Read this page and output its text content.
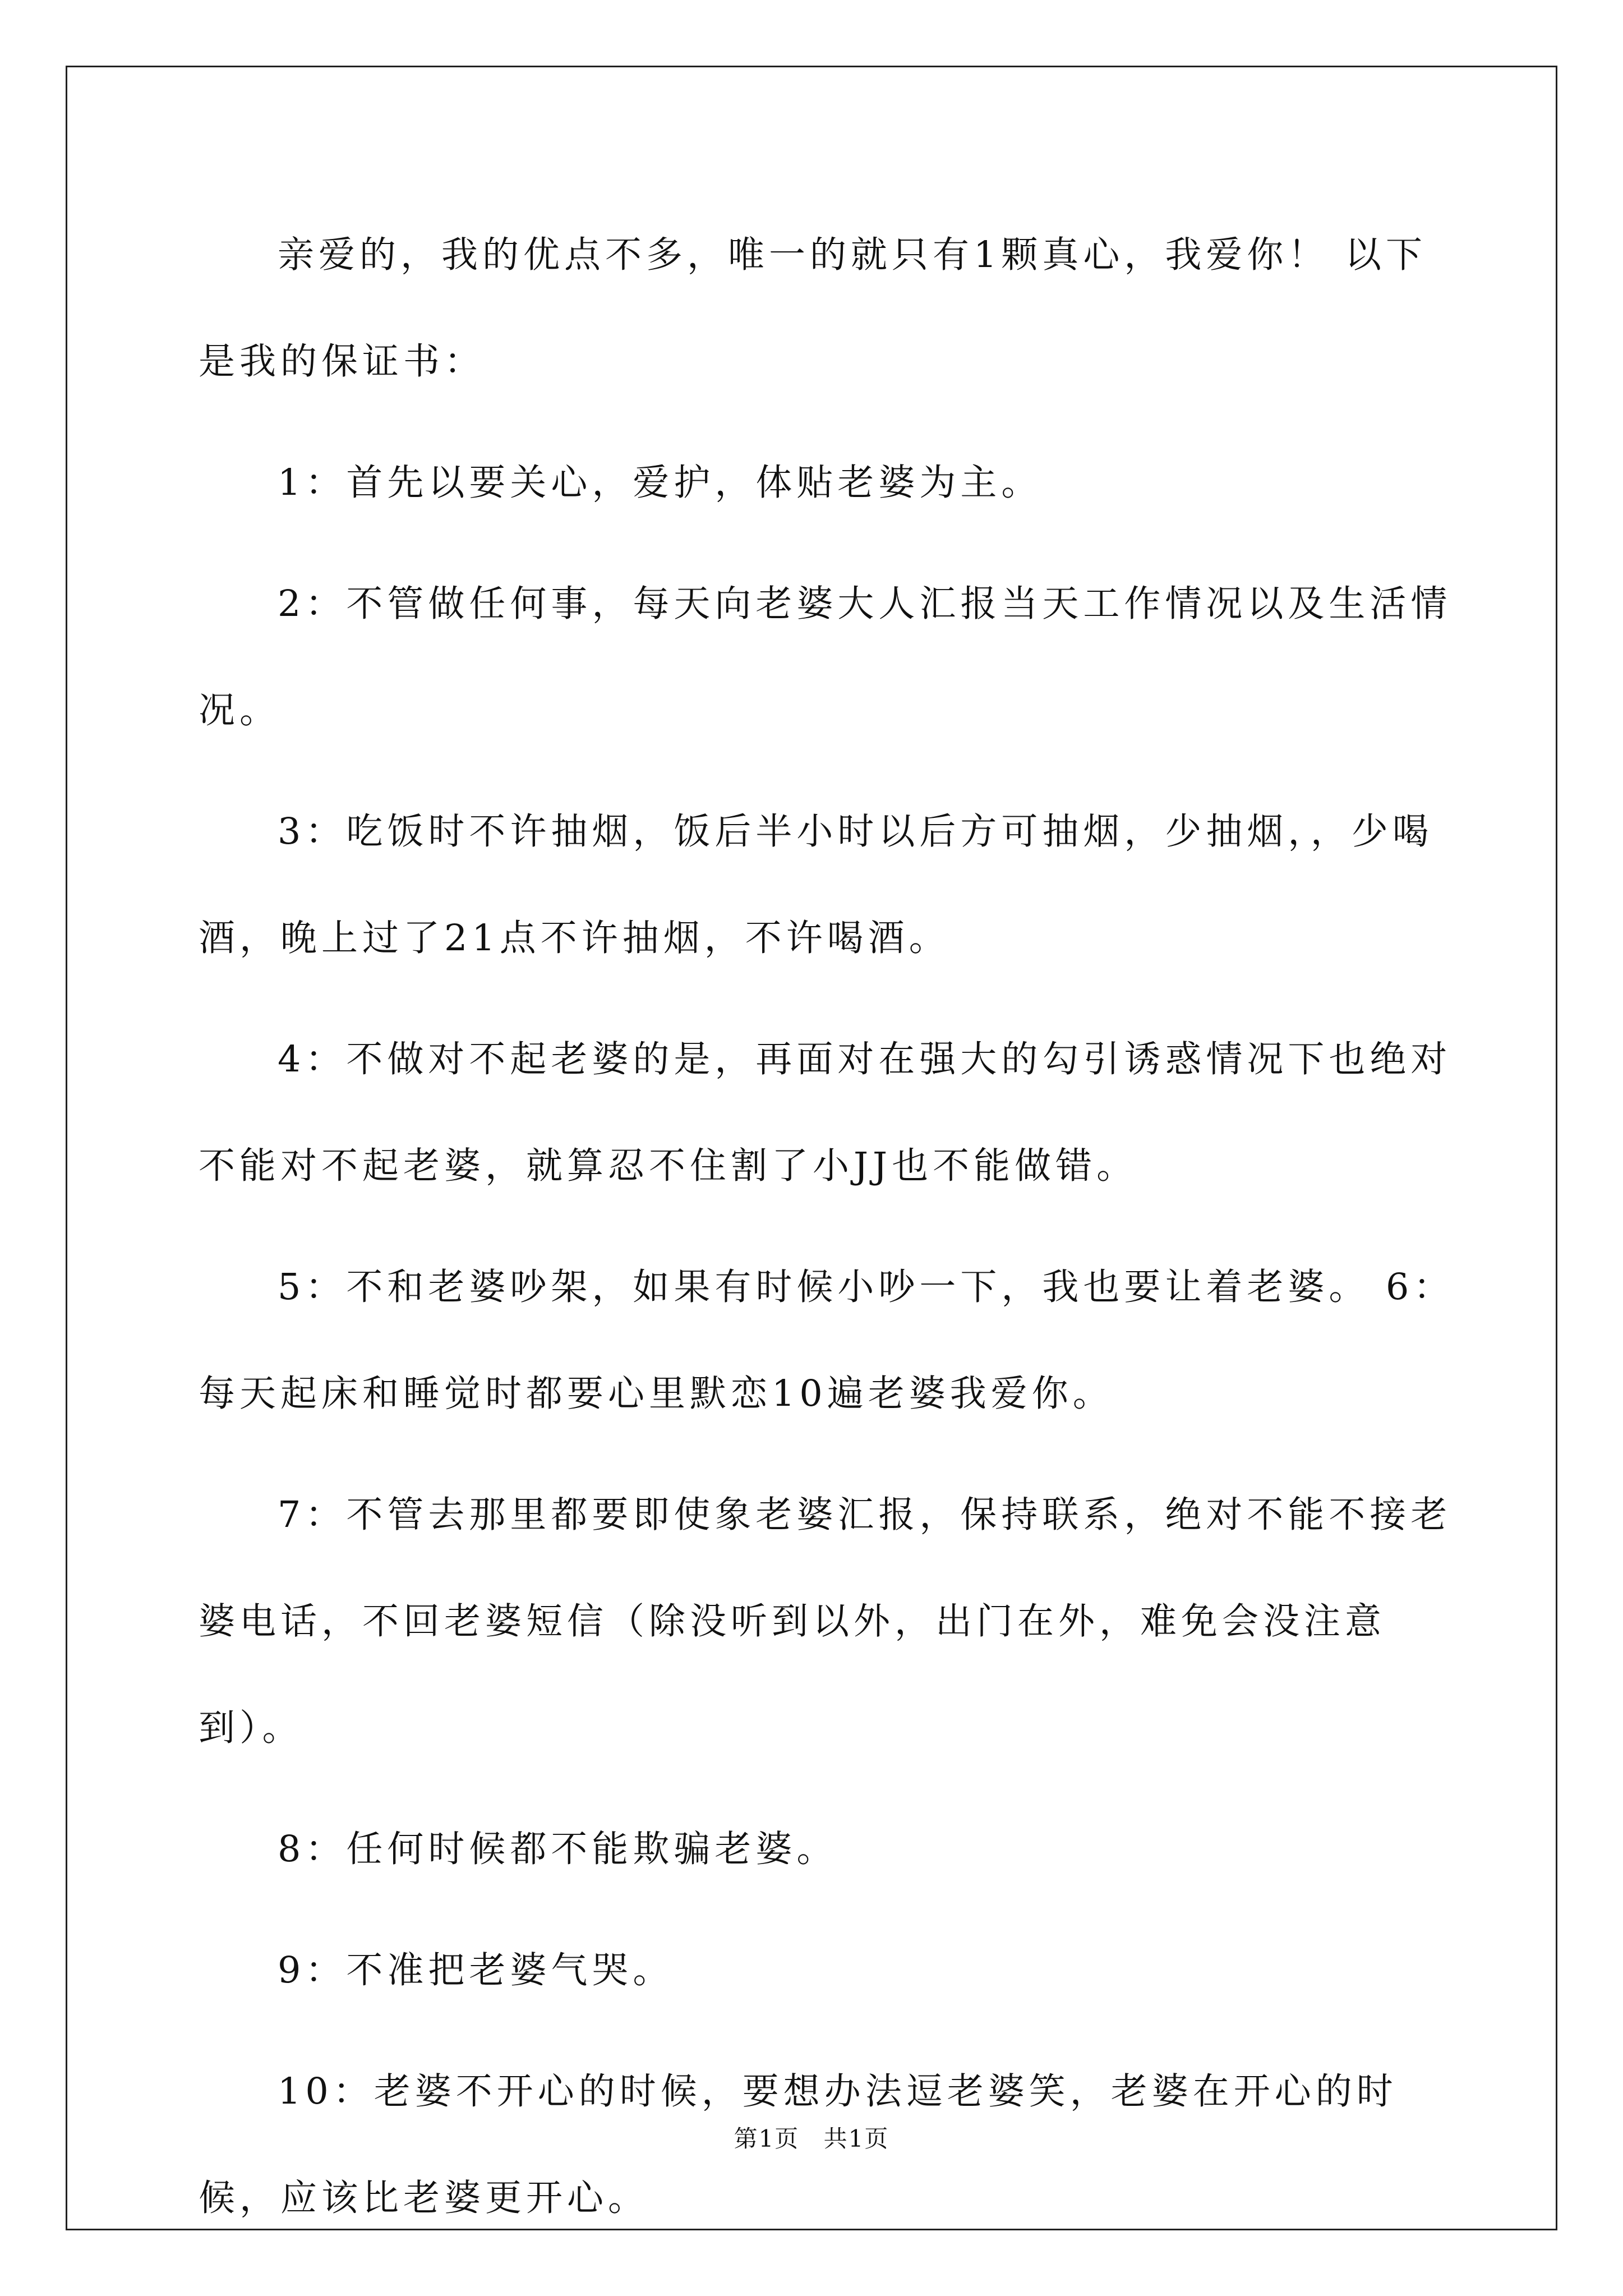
亲爱的，我的优点不多，唯一的就只有1颗真心，我爱你！ 以下是我的保证书：

1：首先以要关心，爱护，体贴老婆为主。

2：不管做任何事，每天向老婆大人汇报当天工作情况以及生活情况。

3：吃饭时不许抽烟，饭后半小时以后方可抽烟，少抽烟，，少喝酒，晚上过了21点不许抽烟，不许喝酒。

4：不做对不起老婆的是，再面对在强大的勾引诱惑情况下也绝对不能对不起老婆，就算忍不住割了小JJ也不能做错。

5：不和老婆吵架，如果有时候小吵一下，我也要让着老婆。 6：每天起床和睡觉时都要心里默恋10遍老婆我爱你。

7：不管去那里都要即使象老婆汇报，保持联系，绝对不能不接老婆电话，不回老婆短信（除没听到以外，出门在外，难免会没注意到）。

8：任何时候都不能欺骗老婆。

9：不准把老婆气哭。

10：老婆不开心的时候，要想办法逗老婆笑，老婆在开心的时候，应该比老婆更开心。

第1页 共1页
